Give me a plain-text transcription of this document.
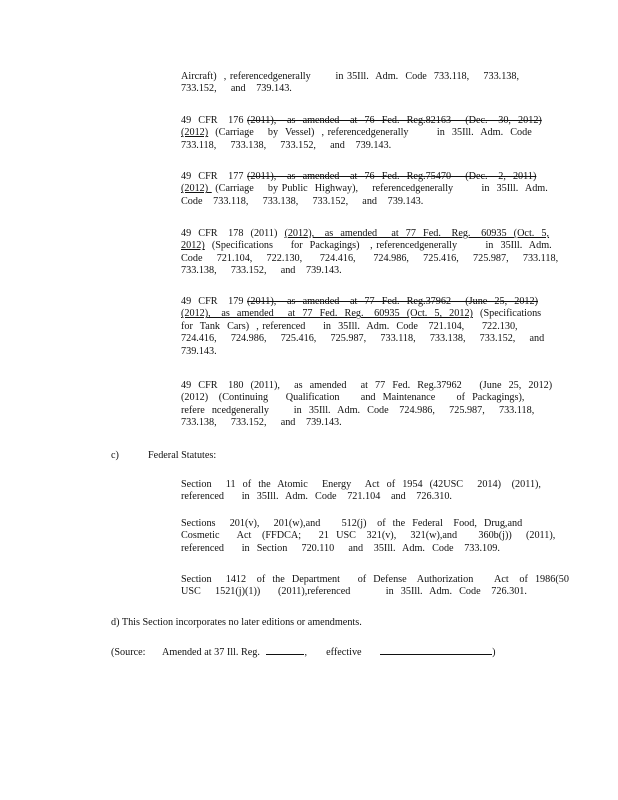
Aircraft)  , referencedgenerally       in 35Ill.  Adm.  Code  733.118,    733.138,
733.152,    and   739.143.
49  CFR   176 (2011),   as  amended   at  76  Fed.  Reg.82163    (Dec.   30,  2012)
(2012)  (Carriage    by  Vessel)  , referencedgenerally        in  35Ill.  Adm.  Code
733.118,    733.138,    733.152,    and   739.143.
49  CFR   177 (2011),   as  amended   at  76  Fed.  Reg.75470    (Dec.   2,  2011)
(2012)  (Carriage    by Public  Highway),    referencedgenerally        in  35Ill.  Adm.
Code   733.118,    733.138,    733.152,    and   739.143.
49  CFR   178  (2011)  (2012),   as  amended    at  77  Fed.   Reg.   60935  (Oct.  5,
2012)  (Specifications     for  Packagings)   , referencedgenerally        in  35Ill.  Adm.
Code    721.104,    722.130,     724.416,     724.986,    725.416,    725.987,    733.118,
733.138,    733.152,    and   739.143.
49  CFR   179 (2011),   as  amended   at  77  Fed.  Reg.37962    (June  25,  2012)
(2012),   as  amended    at  77  Fed.  Reg.   60935  (Oct.  5,  2012)  (Specifications
for  Tank  Cars)  , referenced     in  35Ill.  Adm.  Code   721.104,     722.130,
724.416,    724.986,    725.416,    725.987,    733.118,    733.138,    733.152,    and
739.143.
49  CFR   180  (2011),    as  amended    at  77  Fed.  Reg.37962     (June  25,  2012)
(2012)   (Continuing     Qualification      and  Maintenance      of  Packagings),
refere  ncedgenerally       in  35Ill.  Adm.  Code   724.986,    725.987,    733.118,
733.138,    733.152,    and   739.143.
Section    11  of  the  Atomic    Energy    Act  of  1954  (42USC    2014)   (2011),
referenced     in  35Ill.  Adm.  Code   721.104   and   726.310.
Sections    201(v),    201(w),and      512(j)   of  the  Federal   Food,  Drug,and
Cosmetic     Act   (FFDCA;     21  USC   321(v),    321(w),and      360b(j))    (2011),
referenced     in  Section    720.110    and   35Ill.  Adm.  Code   733.109.
Section    1412   of  the  Department     of  Defense   Authorization      Act   of  1986(50
USC    1521(j)(1))     (2011),referenced          in  35Ill.  Adm.  Code   726.301.
c)	Federal Statutes:
d) This Section incorporates no later editions or amendments.
(Source: Amended at 37 Ill. Reg.	, effective	)
